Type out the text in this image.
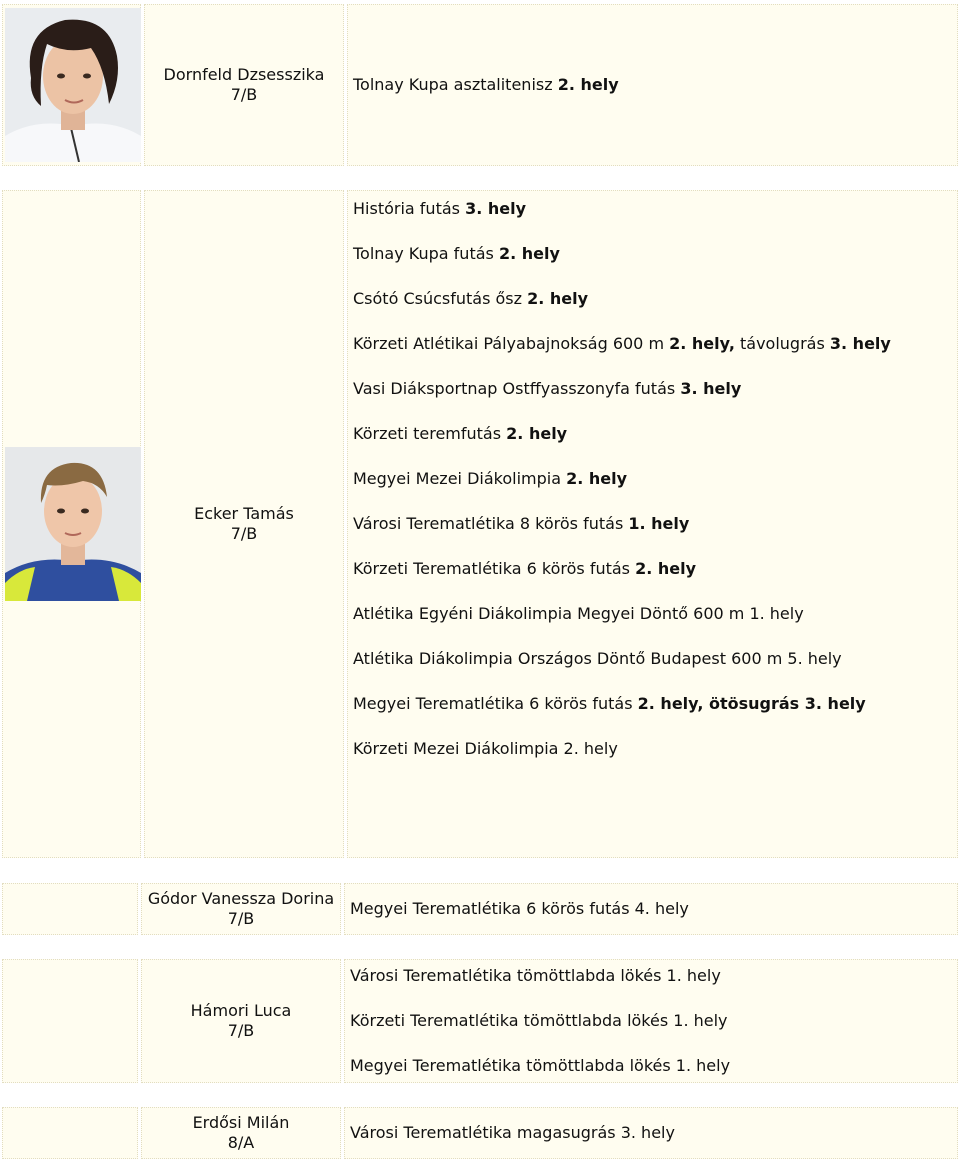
Dornfeld Dzsesszika
7/B
Tolnay Kupa asztalitenisz 2. hely
Ecker Tamás
7/B
História futás 3. hely
Tolnay Kupa futás 2. hely
Csótó Csúcsfutás ősz 2. hely
Körzeti Atlétikai Pályabajnokság 600 m 2. hely, távolugrás 3. hely
Vasi Diáksportnap Ostffyasszonyfa futás 3. hely
Körzeti teremfutás 2. hely
Megyei Mezei Diákolimpia 2. hely
Városi Terematlétika 8 körös futás 1. hely
Körzeti Terematlétika 6 körös futás 2. hely
Atlétika Egyéni Diákolimpia Megyei Döntő 600 m 1. hely
Atlétika Diákolimpia Országos Döntő Budapest 600 m 5. hely
Megyei Terematlétika 6 körös futás 2. hely, ötösugrás 3. hely
Körzeti Mezei Diákolimpia 2. hely
Gódor Vanessza Dorina
7/B
Megyei Terematlétika 6 körös futás 4. hely
Hámori Luca
7/B
Városi Terematlétika tömöttlabda lökés 1. hely
Körzeti Terematlétika tömöttlabda lökés 1. hely
Megyei Terematlétika tömöttlabda lökés 1. hely
Erdősi Milán
8/A
Városi Terematlétika magasugrás 3. hely
